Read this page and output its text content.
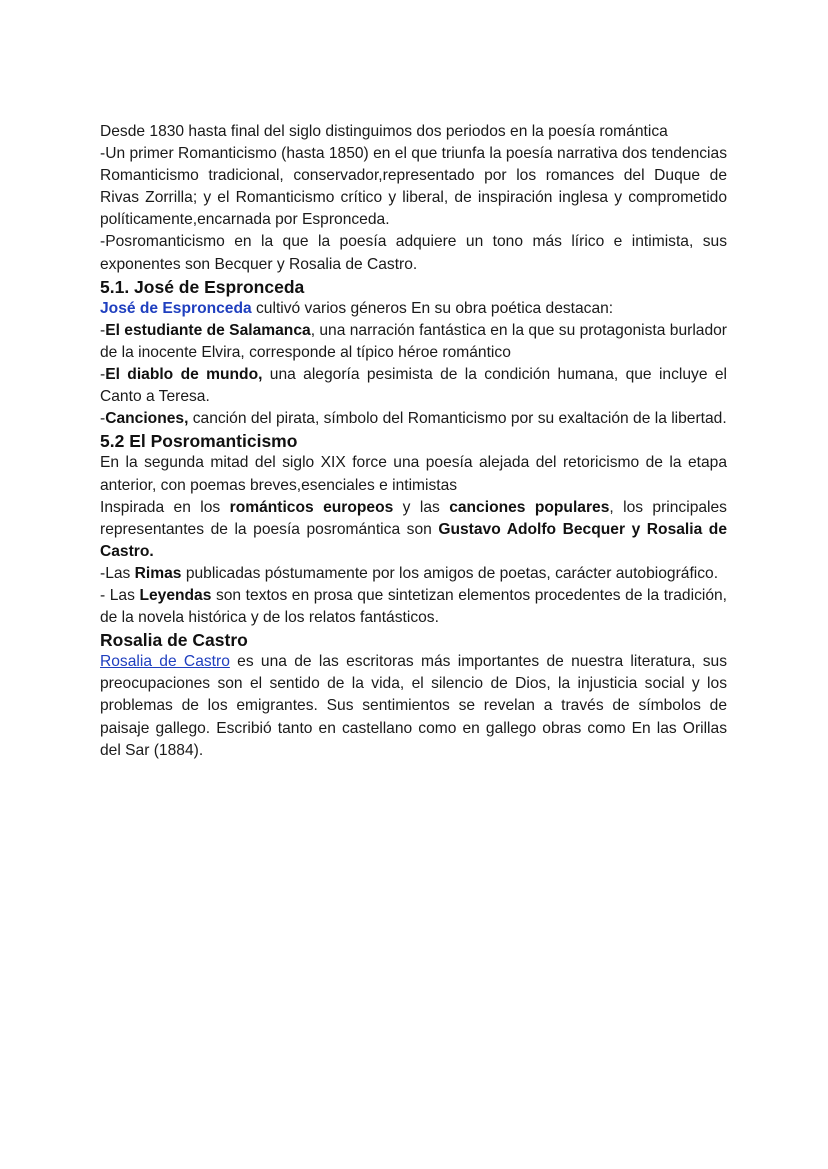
Desde 1830 hasta final del siglo distinguimos dos periodos en la poesía romántica

-Un primer Romanticismo (hasta 1850) en el que triunfa la poesía narrativa dos tendencias Romanticismo tradicional, conservador,representado por los romances del Duque de Rivas Zorrilla; y el Romanticismo crítico y liberal, de inspiración inglesa y comprometido políticamente,encarnada por Espronceda.

-Posromanticismo en la que la poesía adquiere un tono más lírico e intimista, sus exponentes son Becquer y Rosalia de Castro.

5.1. José de Espronceda

José de Espronceda cultivó varios géneros En su obra poética destacan:

-El estudiante de Salamanca, una narración fantástica en la que su protagonista burlador de la inocente Elvira, corresponde al típico héroe romántico

-El diablo de mundo, una alegoría pesimista de la condición humana, que incluye el Canto a Teresa.

-Canciones, canción del pirata, símbolo del Romanticismo por su exaltación de la libertad.

5.2 El Posromanticismo

En la segunda mitad del siglo XIX force una poesía alejada del retoricismo de la etapa anterior, con poemas breves,esenciales e intimistas

Inspirada en los románticos europeos y las canciones populares, los principales representantes de la poesía posromántica son Gustavo Adolfo Becquer y Rosalia de Castro.

-Las Rimas publicadas póstumamente por los amigos de poetas, carácter autobiográfico.

- Las Leyendas son textos en prosa que sintetizan elementos procedentes de la tradición, de la novela histórica y de los relatos fantásticos.

Rosalia de Castro

Rosalia de Castro es una de las escritoras más importantes de nuestra literatura, sus preocupaciones son el sentido de la vida, el silencio de Dios, la injusticia social y los problemas de los emigrantes. Sus sentimientos se revelan a través de símbolos de paisaje gallego. Escribió tanto en castellano como en gallego obras como En las Orillas del Sar (1884).
